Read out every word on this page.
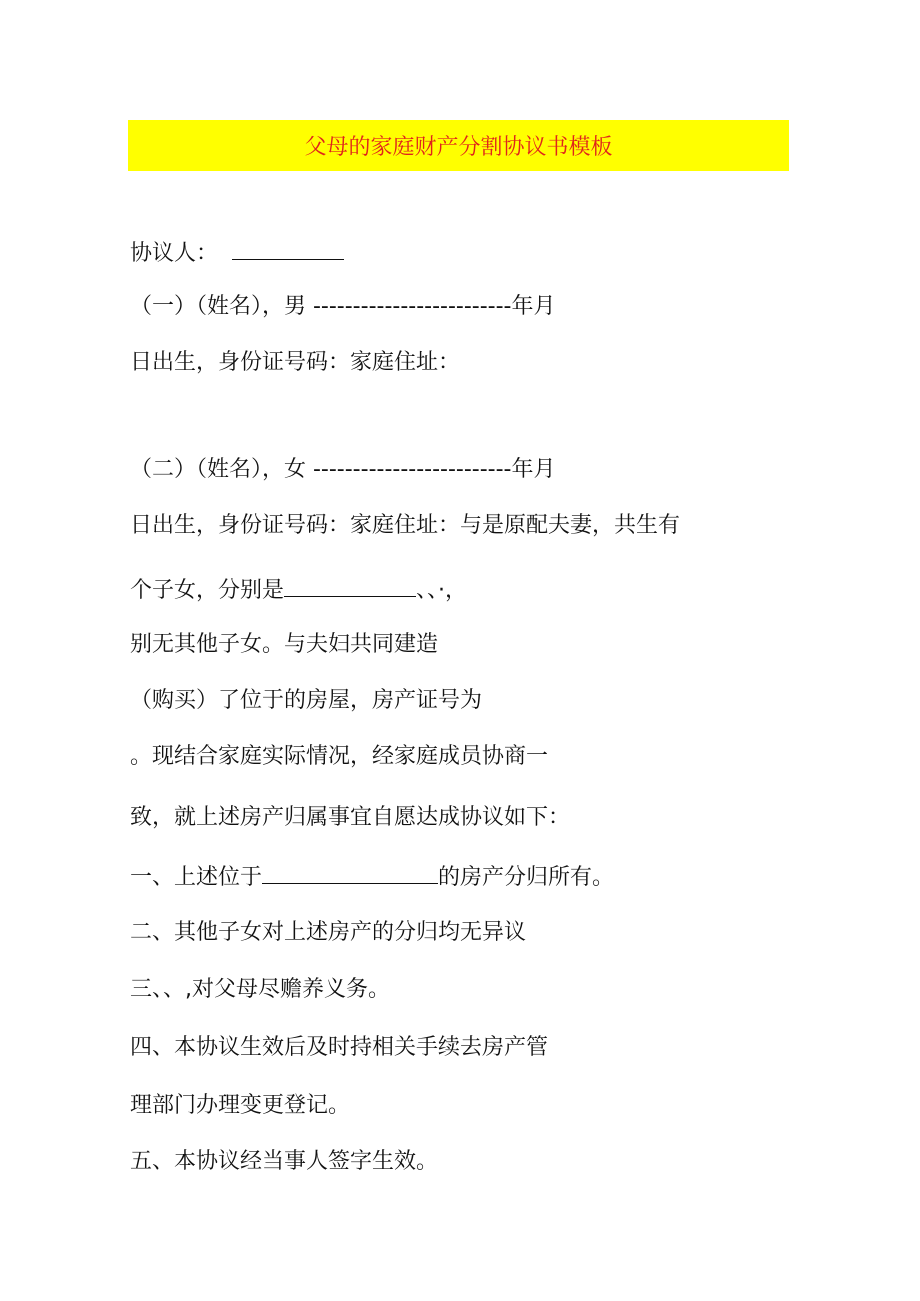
父母的家庭财产分割协议书模板
协议人：
（一）（姓名），男 -------------------------年月
日出生，身份证号码：家庭住址：
（二）（姓名），女 -------------------------年月
日出生，身份证号码：家庭住址：与是原配夫妻，共生有
个子女，分别是	、、·，
别无其他子女。与夫妇共同建造
（购买）了位于的房屋，房产证号为
。现结合家庭实际情况，经家庭成员协商一
致，就上述房产归属事宜自愿达成协议如下：
一、上述位于	的房产分归所有。
二、其他子女对上述房产的分归均无异议
三、、,对父母尽赡养义务。
四、本协议生效后及时持相关手续去房产管
理部门办理变更登记。
五、本协议经当事人签字生效。
